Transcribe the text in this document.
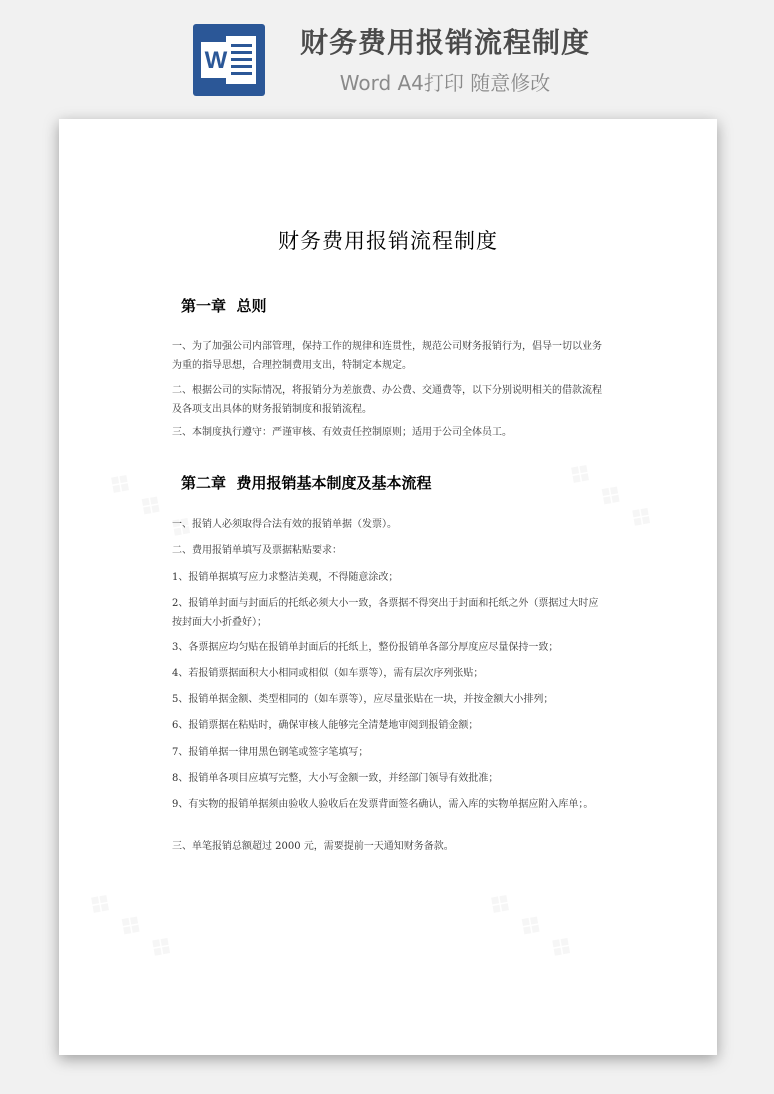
W
财务费用报销流程制度
Word A4打印 随意修改
财务费用报销流程制度
第一章  总则

一、为了加强公司内部管理，保持工作的规律和连贯性，规范公司财务报销行为，倡导一切以业务为重的指导思想，合理控制费用支出，特制定本规定。

二、根据公司的实际情况，将报销分为差旅费、办公费、交通费等，以下分别说明相关的借款流程及各项支出具体的财务报销制度和报销流程。

三、本制度执行遵守：严谨审核、有效责任控制原则；适用于公司全体员工。

第二章  费用报销基本制度及基本流程

一、报销人必须取得合法有效的报销单据（发票）。

二、费用报销单填写及票据粘贴要求：

1、报销单据填写应力求整洁美观，不得随意涂改；

2、报销单封面与封面后的托纸必须大小一致，各票据不得突出于封面和托纸之外（票据过大时应按封面大小折叠好）；

3、各票据应均匀贴在报销单封面后的托纸上，整份报销单各部分厚度应尽量保持一致；

4、若报销票据面积大小相同或相似（如车票等），需有层次序列张贴；

5、报销单据金额、类型相同的（如车票等），应尽量张贴在一块，并按金额大小排列；

6、报销票据在粘贴时，确保审核人能够完全清楚地审阅到报销金额；

7、报销单据一律用黑色钢笔或签字笔填写；

8、报销单各项目应填写完整，大小写金额一致，并经部门领导有效批准；

9、有实物的报销单据须由验收人验收后在发票背面签名确认，需入库的实物单据应附入库单；。

三、单笔报销总额超过 2000 元，需要提前一天通知财务备款。
